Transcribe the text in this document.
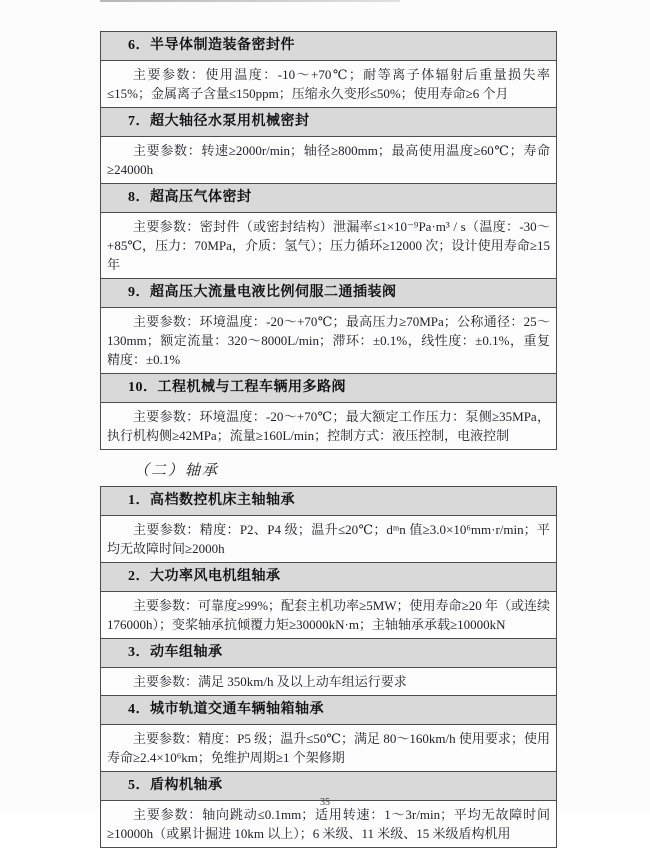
6．半导体制造装备密封件
主要参数：使用温度：-10～+70℃；耐等离子体辐射后重量损失率≤15%；金属离子含量≤150ppm；压缩永久变形≤50%；使用寿命≥6 个月
7．超大轴径水泵用机械密封
主要参数：转速≥2000r/min；轴径≥800mm；最高使用温度≥60℃；寿命≥24000h
8．超高压气体密封
主要参数：密封件（或密封结构）泄漏率≤1×10⁻⁹Pa·m³ / s（温度：-30～+85℃，压力：70MPa，介质：氢气）；压力循环≥12000 次；设计使用寿命≥15 年
9．超高压大流量电液比例伺服二通插装阀
主要参数：环境温度：-20～+70℃；最高压力≥70MPa；公称通径：25～130mm；额定流量：320～8000L/min；滞环：±0.1%，线性度：±0.1%，重复精度：±0.1%
10．工程机械与工程车辆用多路阀
主要参数：环境温度：-20～+70℃；最大额定工作压力：泵侧≥35MPa，执行机构侧≥42MPa；流量≥160L/min；控制方式：液压控制，电液控制
（二）轴承
1．高档数控机床主轴轴承
主要参数：精度：P2、P4 级；温升≤20℃；dᵐn 值≥3.0×10⁶mm·r/min；平均无故障时间≥2000h
2．大功率风电机组轴承
主要参数：可靠度≥99%；配套主机功率≥5MW；使用寿命≥20 年（或连续 176000h）；变桨轴承抗倾覆力矩≥30000kN·m；主轴轴承承载≥10000kN
3．动车组轴承
主要参数：满足 350km/h 及以上动车组运行要求
4．城市轨道交通车辆轴箱轴承
主要参数：精度：P5 级；温升≤50℃；满足 80～160km/h 使用要求；使用寿命≥2.4×10⁶km；免维护周期≥1 个架修期
5．盾构机轴承
主要参数：轴向跳动≤0.1mm；适用转速：1～3r/min；平均无故障时间≥10000h（或累计掘进 10km 以上）；6 米级、11 米级、15 米级盾构机用
35
